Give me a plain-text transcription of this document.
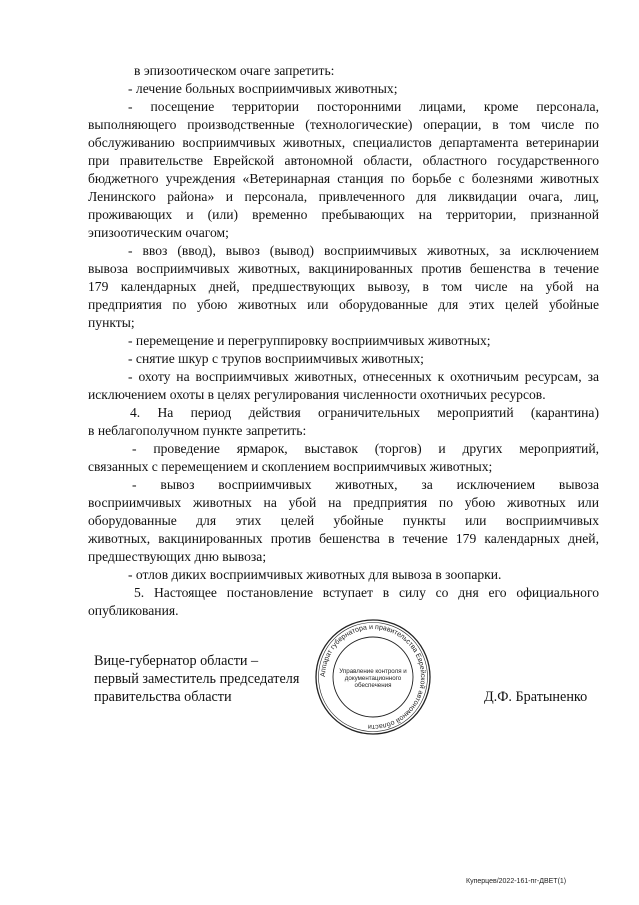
в эпизоотическом очаге запретить:
- лечение больных восприимчивых животных;
- посещение территории посторонними лицами, кроме персонала,
выполняющего производственные (технологические) операции, в том числе по
обслуживанию восприимчивых животных, специалистов департамента ветеринарии
при правительстве Еврейской автономной области, областного государственного
бюджетного учреждения «Ветеринарная станция по борьбе с болезнями животных
Ленинского района» и персонала, привлеченного для ликвидации очага, лиц,
проживающих и (или) временно пребывающих на территории, признанной
эпизоотическим очагом;
- ввоз (ввод), вывоз (вывод) восприимчивых животных, за исключением
вывоза восприимчивых животных, вакцинированных против бешенства в течение
179 календарных дней, предшествующих вывозу, в том числе на убой на
предприятия по убою животных или оборудованные для этих целей убойные
пункты;
- перемещение и перегруппировку восприимчивых животных;
- снятие шкур с трупов восприимчивых животных;
- охоту на восприимчивых животных, отнесенных к охотничьим ресурсам, за
исключением охоты в целях регулирования численности охотничьих ресурсов.
4. На период действия ограничительных мероприятий (карантина)
в неблагополучном пункте запретить:
- проведение ярмарок, выставок (торгов) и других мероприятий,
связанных с перемещением и скоплением восприимчивых животных;
- вывоз восприимчивых животных, за исключением вывоза
восприимчивых животных на убой на предприятия по убою животных или
оборудованные для этих целей убойные пункты или восприимчивых
животных, вакцинированных против бешенства в течение 179 календарных дней,
предшествующих дню вывоза;
- отлов диких восприимчивых животных для вывоза в зоопарки.
5. Настоящее постановление вступает в силу со дня его официального
опубликования.
Вице-губернатор области –
первый заместитель председателя
правительства области	Д.Ф. Братыненко
Аппарат губернатора и правительства Еврейской автономной области
Управление контроля и
документационного
обеспечения
Куперцев/2022-161-пг-ДВЕТ(1)
